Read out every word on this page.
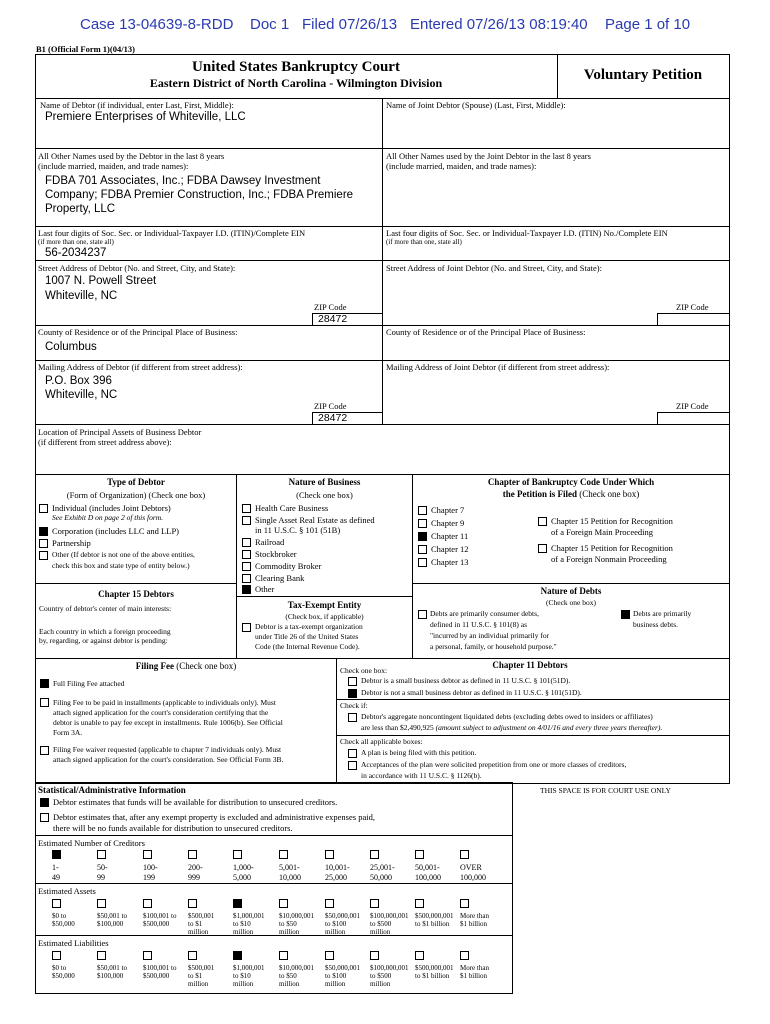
Case 13-04639-8-RDD Doc 1 Filed 07/26/13 Entered 07/26/13 08:19:40 Page 1 of 10
B1 (Official Form 1)(04/13)
United States Bankruptcy Court
Eastern District of North Carolina - Wilmington Division	Voluntary Petition
Name of Debtor (if individual, enter Last, First, Middle):
Premiere Enterprises of Whiteville, LLC
Name of Joint Debtor (Spouse) (Last, First, Middle):
All Other Names used by the Debtor in the last 8 years
(include married, maiden, and trade names):
FDBA 701 Associates, Inc.; FDBA Dawsey Investment
Company; FDBA Premier Construction, Inc.; FDBA Premiere
Property, LLC
All Other Names used by the Joint Debtor in the last 8 years
(include married, maiden, and trade names):
Last four digits of Soc. Sec. or Individual-Taxpayer I.D. (ITIN)/Complete EIN
(if more than one, state all)
56-2034237
Last four digits of Soc. Sec. or Individual-Taxpayer I.D. (ITIN) No./Complete EIN
(if more than one, state all)
Street Address of Debtor (No. and Street, City, and State):
1007 N. Powell Street
Whiteville, NC
ZIP Code
28472
Street Address of Joint Debtor (No. and Street, City, and State):
ZIP Code
County of Residence or of the Principal Place of Business:
Columbus
County of Residence or of the Principal Place of Business:
Mailing Address of Debtor (if different from street address):
P.O. Box 396
Whiteville, NC
ZIP Code
28472
Mailing Address of Joint Debtor (if different from street address):
ZIP Code
Location of Principal Assets of Business Debtor
(if different from street address above):
Type of Debtor
(Form of Organization) (Check one box)
Individual (includes Joint Debtors)
See Exhibit D on page 2 of this form.
Corporation (includes LLC and LLP)
Partnership
Other (If debtor is not one of the above entities,
check this box and state type of entity below.)
Chapter 15 Debtors
Country of debtor's center of main interests:
Each country in which a foreign proceeding
by, regarding, or against debtor is pending:
Nature of Business
(Check one box)
Health Care Business
Single Asset Real Estate as defined
in 11 U.S.C. § 101 (51B)
Railroad
Stockbroker
Commodity Broker
Clearing Bank
Other
Tax-Exempt Entity
(Check box, if applicable)
Debtor is a tax-exempt organization
under Title 26 of the United States
Code (the Internal Revenue Code).
Chapter of Bankruptcy Code Under Which
the Petition is Filed (Check one box)
Chapter 7
Chapter 9
Chapter 11
Chapter 12
Chapter 13
Chapter 15 Petition for Recognition
of a Foreign Main Proceeding
Chapter 15 Petition for Recognition
of a Foreign Nonmain Proceeding
Nature of Debts
(Check one box)
Debts are primarily consumer debts,
defined in 11 U.S.C. § 101(8) as
"incurred by an individual primarily for
a personal, family, or household purpose."
Debts are primarily
business debts.
Filing Fee (Check one box)
Full Filing Fee attached
Filing Fee to be paid in installments (applicable to individuals only). Must
attach signed application for the court's consideration certifying that the
debtor is unable to pay fee except in installments. Rule 1006(b). See Official
Form 3A.
Filing Fee waiver requested (applicable to chapter 7 individuals only). Must
attach signed application for the court's consideration. See Official Form 3B.
Chapter 11 Debtors
Check one box:
Debtor is a small business debtor as defined in 11 U.S.C. § 101(51D).
Debtor is not a small business debtor as defined in 11 U.S.C. § 101(51D).
Check if:
Debtor's aggregate noncontingent liquidated debts (excluding debts owed to insiders or affiliates)
are less than $2,490,925 (amount subject to adjustment on 4/01/16 and every three years thereafter).
Check all applicable boxes:
A plan is being filed with this petition.
Acceptances of the plan were solicited prepetition from one or more classes of creditors,
in accordance with 11 U.S.C. § 1126(b).
Statistical/Administrative Information	THIS SPACE IS FOR COURT USE ONLY
Debtor estimates that funds will be available for distribution to unsecured creditors.
Debtor estimates that, after any exempt property is excluded and administrative expenses paid,
there will be no funds available for distribution to unsecured creditors.
Estimated Number of Creditors
Estimated Assets
Estimated Liabilities
1-
49
50-
99
100-
199
200-
999
1,000-
5,000
5,001-
10,000
10,001-
25,000
25,001-
50,000
50,001-
100,000
OVER
100,000
$0 to
$50,000
$50,001 to
$100,000
$100,001 to
$500,000
$500,001
to $1
million
$1,000,001
to $10
million
$10,000,001
to $50
million
$50,000,001
to $100
million
$100,000,001
to $500
million
$500,000,001
to $1 billion
More than
$1 billion
$0 to
$50,000
$50,001 to
$100,000
$100,001 to
$500,000
$500,001
to $1
million
$1,000,001
to $10
million
$10,000,001
to $50
million
$50,000,001
to $100
million
$100,000,001
to $500
million
$500,000,001
to $1 billion
More than
$1 billion
